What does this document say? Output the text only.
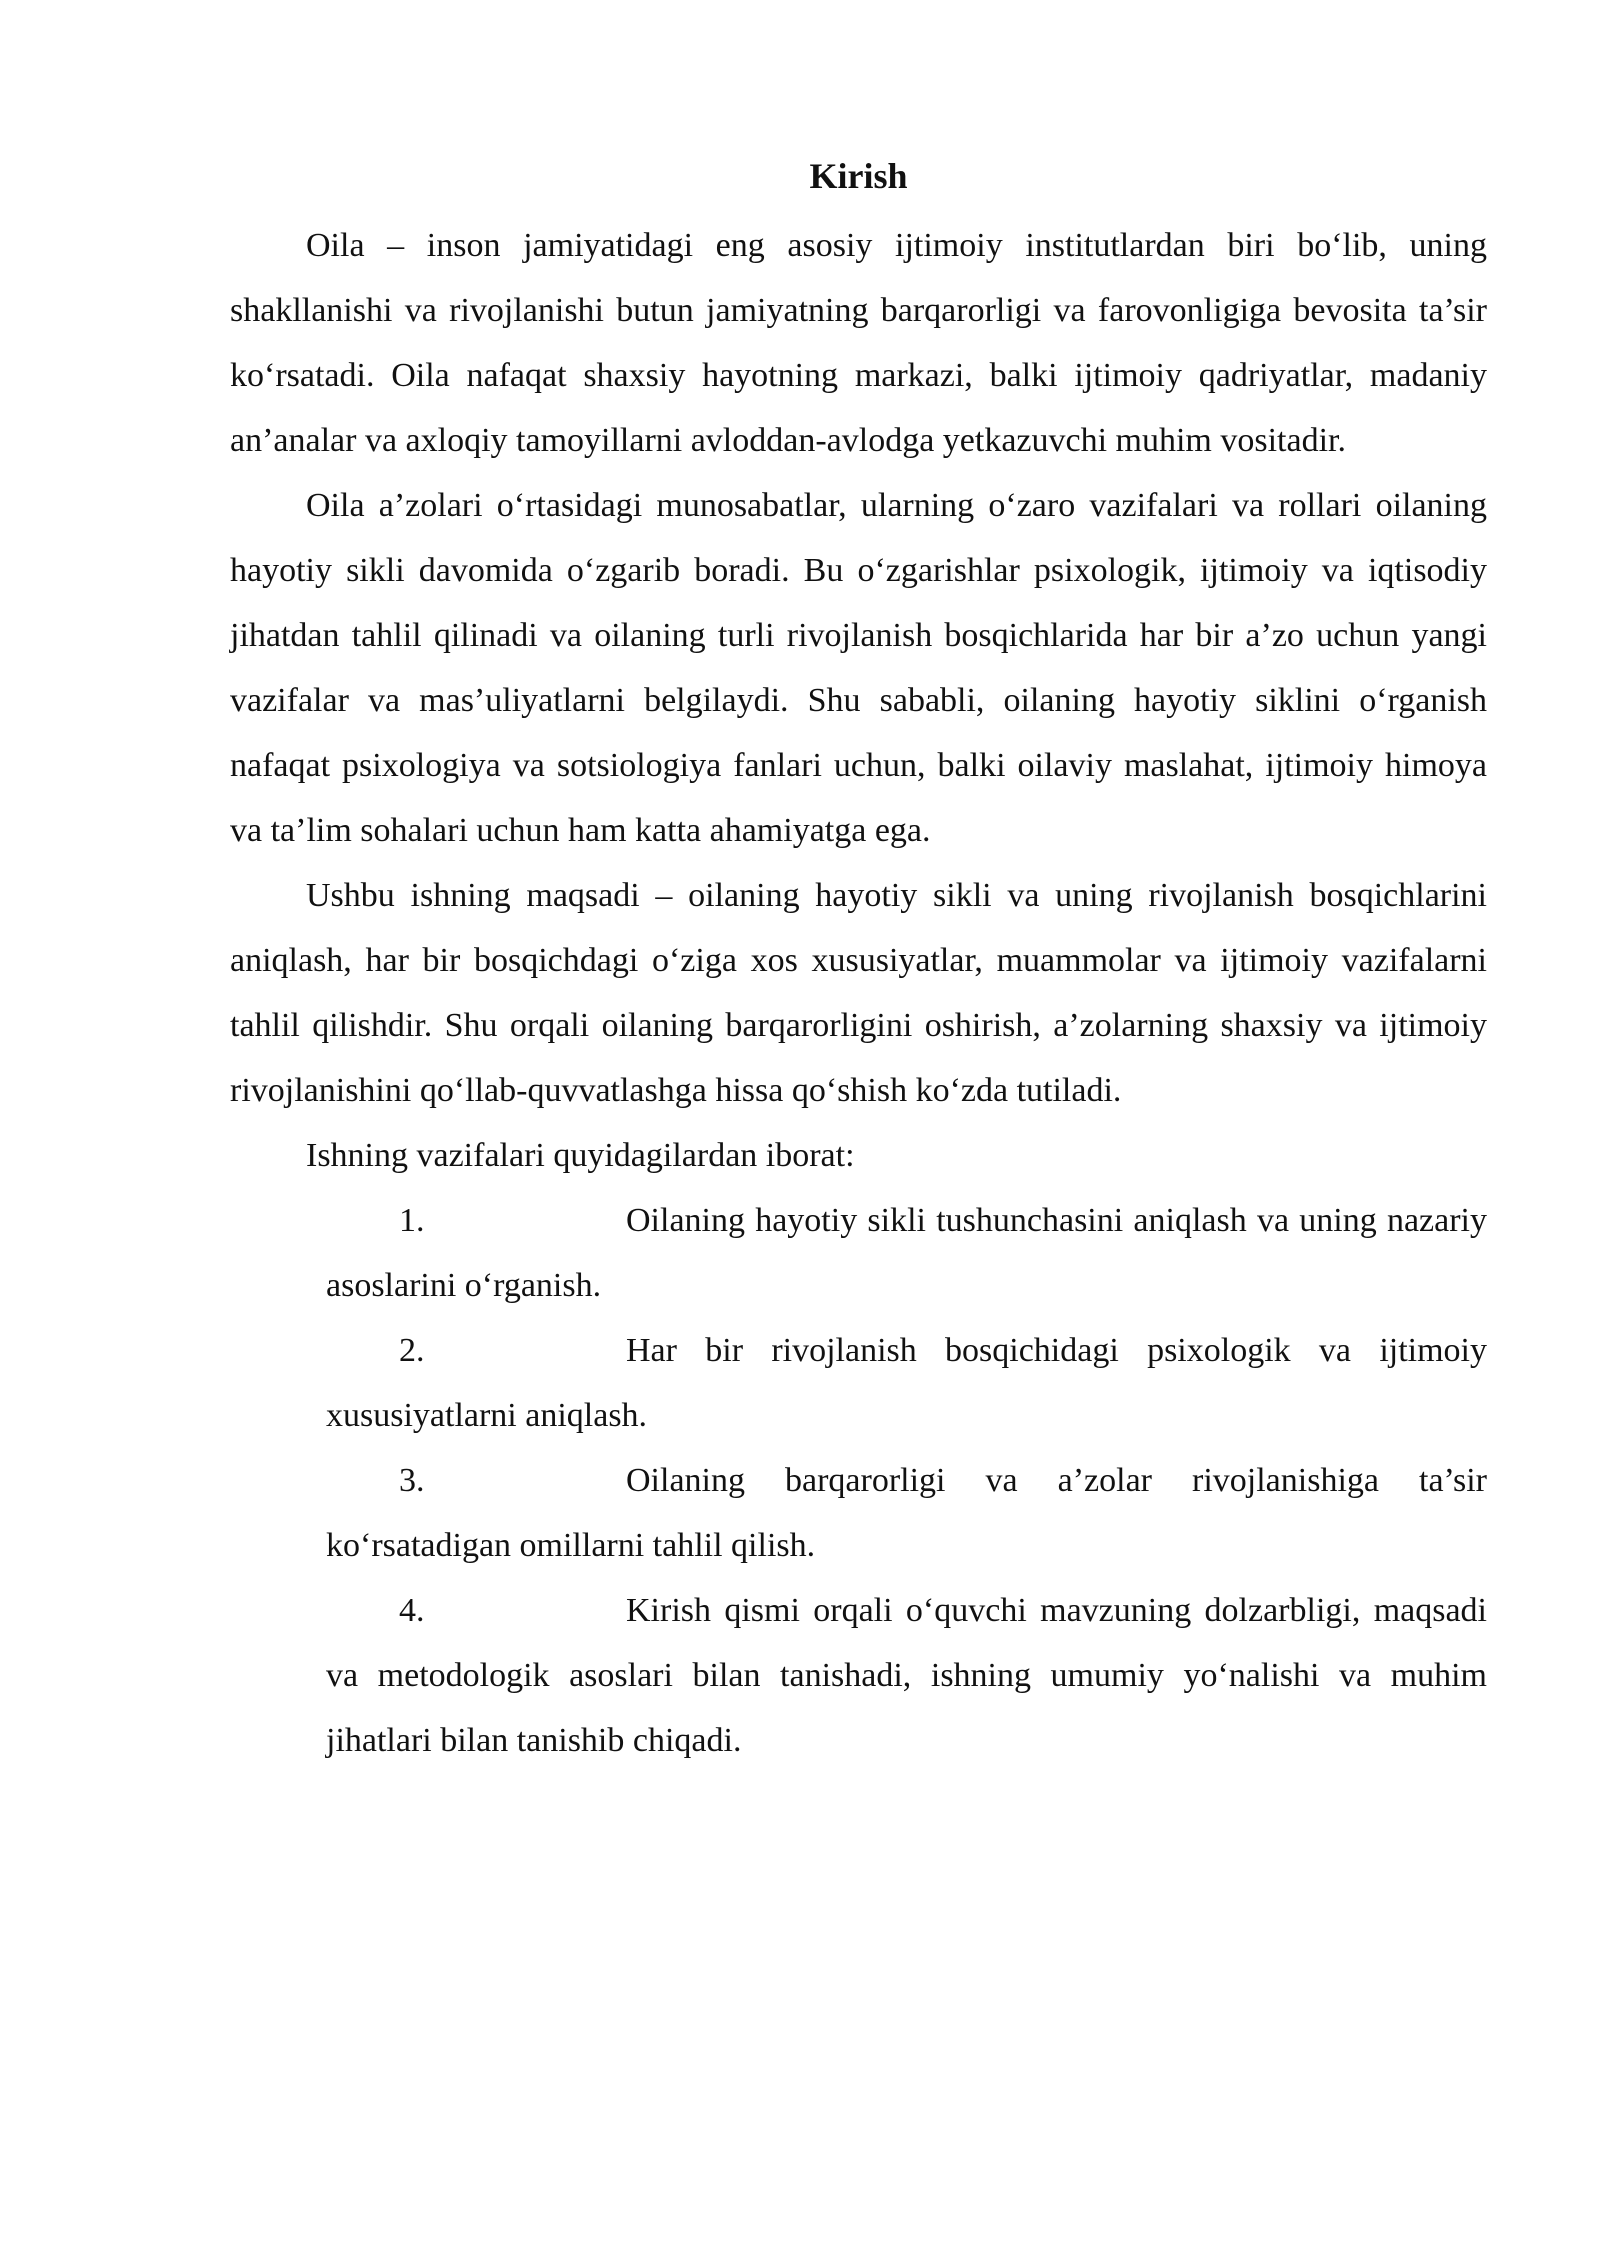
Kirish

Oila – inson jamiyatidagi eng asosiy ijtimoiy institutlardan biri bo‘lib, uning shakllanishi va rivojlanishi butun jamiyatning barqarorligi va farovonligiga bevosita ta’sir ko‘rsatadi. Oila nafaqat shaxsiy hayotning markazi, balki ijtimoiy qadriyatlar, madaniy an’analar va axloqiy tamoyillarni avloddan-avlodga yetkazuvchi muhim vositadir.

Oila a’zolari o‘rtasidagi munosabatlar, ularning o‘zaro vazifalari va rollari oilaning hayotiy sikli davomida o‘zgarib boradi. Bu o‘zgarishlar psixologik, ijtimoiy va iqtisodiy jihatdan tahlil qilinadi va oilaning turli rivojlanish bosqichlarida har bir a’zo uchun yangi vazifalar va mas’uliyatlarni belgilaydi. Shu sababli, oilaning hayotiy siklini o‘rganish nafaqat psixologiya va sotsiologiya fanlari uchun, balki oilaviy maslahat, ijtimoiy himoya va ta’lim sohalari uchun ham katta ahamiyatga ega.

Ushbu ishning maqsadi – oilaning hayotiy sikli va uning rivojlanish bosqichlarini aniqlash, har bir bosqichdagi o‘ziga xos xususiyatlar, muammolar va ijtimoiy vazifalarni tahlil qilishdir. Shu orqali oilaning barqarorligini oshirish, a’zolarning shaxsiy va ijtimoiy rivojlanishini qo‘llab-quvvatlashga hissa qo‘shish ko‘zda tutiladi.

Ishning vazifalari quyidagilardan iborat:

1.	Oilaning hayotiy sikli tushunchasini aniqlash va uning nazariy asoslarini o‘rganish.
2.	Har bir rivojlanish bosqichidagi psixologik va ijtimoiy xususiyatlarni aniqlash.
3.	Oilaning barqarorligi va a’zolar rivojlanishiga ta’sir ko‘rsatadigan omillarni tahlil qilish.
4.	Kirish qismi orqali o‘quvchi mavzuning dolzarbligi, maqsadi va metodologik asoslari bilan tanishadi, ishning umumiy yo‘nalishi va muhim jihatlari bilan tanishib chiqadi.
